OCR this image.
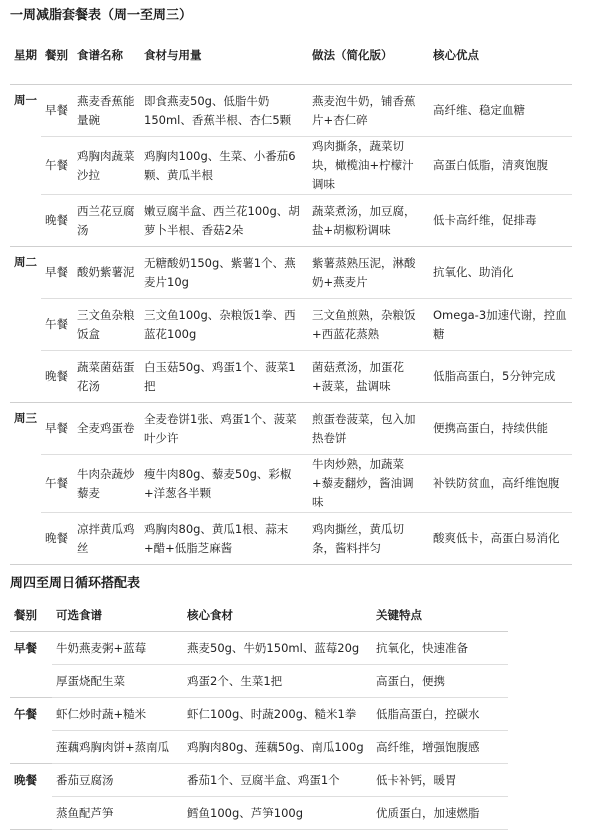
一周减脂套餐表（周一至周三）
星期	餐别	食谱名称	食材与用量	做法（简化版）	核心优点
周一	早餐	燕麦香蕉能量碗	即食燕麦50g、低脂牛奶150ml、香蕉半根、杏仁5颗	燕麦泡牛奶，铺香蕉片+杏仁碎	高纤维、稳定血糖
	午餐	鸡胸肉蔬菜沙拉	鸡胸肉100g、生菜、小番茄6颗、黄瓜半根	鸡肉撕条，蔬菜切块，橄榄油+柠檬汁调味	高蛋白低脂，清爽饱腹
	晚餐	西兰花豆腐汤	嫩豆腐半盒、西兰花100g、胡萝卜半根、香菇2朵	蔬菜煮汤，加豆腐，盐+胡椒粉调味	低卡高纤维，促排毒
周二	早餐	酸奶紫薯泥	无糖酸奶150g、紫薯1个、燕麦片10g	紫薯蒸熟压泥，淋酸奶+燕麦片	抗氧化、助消化
	午餐	三文鱼杂粮饭盒	三文鱼100g、杂粮饭1拳、西蓝花100g	三文鱼煎熟，杂粮饭+西蓝花蒸熟	Omega-3加速代谢，控血糖
	晚餐	蔬菜菌菇蛋花汤	白玉菇50g、鸡蛋1个、菠菜1把	菌菇煮汤，加蛋花+菠菜，盐调味	低脂高蛋白，5分钟完成
周三	早餐	全麦鸡蛋卷	全麦卷饼1张、鸡蛋1个、菠菜叶少许	煎蛋卷菠菜，包入加热卷饼	便携高蛋白，持续供能
	午餐	牛肉杂蔬炒藜麦	瘦牛肉80g、藜麦50g、彩椒+洋葱各半颗	牛肉炒熟，加蔬菜+藜麦翻炒，酱油调味	补铁防贫血，高纤维饱腹
	晚餐	凉拌黄瓜鸡丝	鸡胸肉80g、黄瓜1根、蒜末+醋+低脂芝麻酱	鸡肉撕丝，黄瓜切条，酱料拌匀	酸爽低卡，高蛋白易消化
周四至周日循环搭配表
餐别	可选食谱	核心食材	关键特点
早餐	牛奶燕麦粥+蓝莓	燕麦50g、牛奶150ml、蓝莓20g	抗氧化，快速准备
	厚蛋烧配生菜	鸡蛋2个、生菜1把	高蛋白，便携
午餐	虾仁炒时蔬+糙米	虾仁100g、时蔬200g、糙米1拳	低脂高蛋白，控碳水
	莲藕鸡胸肉饼+蒸南瓜	鸡胸肉80g、莲藕50g、南瓜100g	高纤维，增强饱腹感
晚餐	番茄豆腐汤	番茄1个、豆腐半盒、鸡蛋1个	低卡补钙，暖胃
	蒸鱼配芦笋	鳕鱼100g、芦笋100g	优质蛋白，加速燃脂
